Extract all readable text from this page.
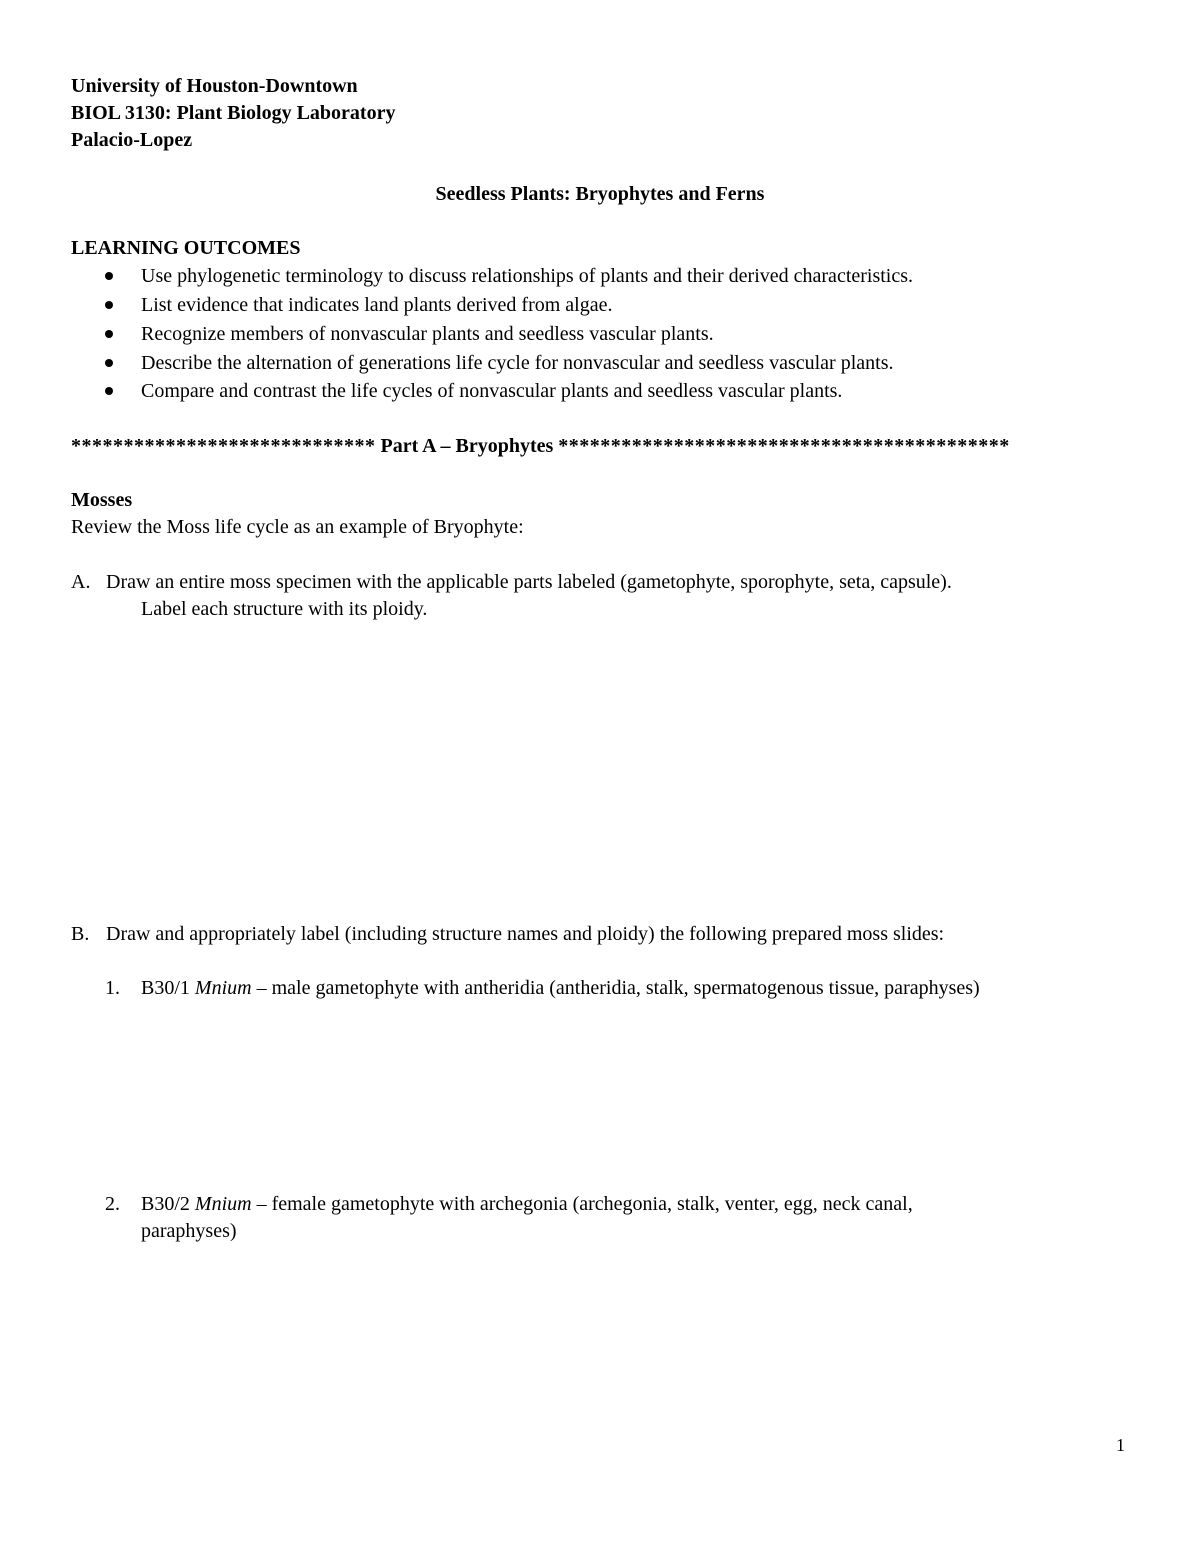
University of Houston-Downtown
BIOL 3130: Plant Biology Laboratory
Palacio-Lopez
Seedless Plants: Bryophytes and Ferns
LEARNING OUTCOMES
Use phylogenetic terminology to discuss relationships of plants and their derived characteristics.
List evidence that indicates land plants derived from algae.
Recognize members of nonvascular plants and seedless vascular plants.
Describe the alternation of generations life cycle for nonvascular and seedless vascular plants.
Compare and contrast the life cycles of nonvascular plants and seedless vascular plants.
***************************** Part A – Bryophytes *******************************************
Mosses
Review the Moss life cycle as an example of Bryophyte:
A. Draw an entire moss specimen with the applicable parts labeled (gametophyte, sporophyte, seta, capsule).
Label each structure with its ploidy.
B. Draw and appropriately label (including structure names and ploidy) the following prepared moss slides:
1. B30/1 Mnium – male gametophyte with antheridia (antheridia, stalk, spermatogenous tissue, paraphyses)
2. B30/2 Mnium – female gametophyte with archegonia (archegonia, stalk, venter, egg, neck canal,
paraphyses)
1
